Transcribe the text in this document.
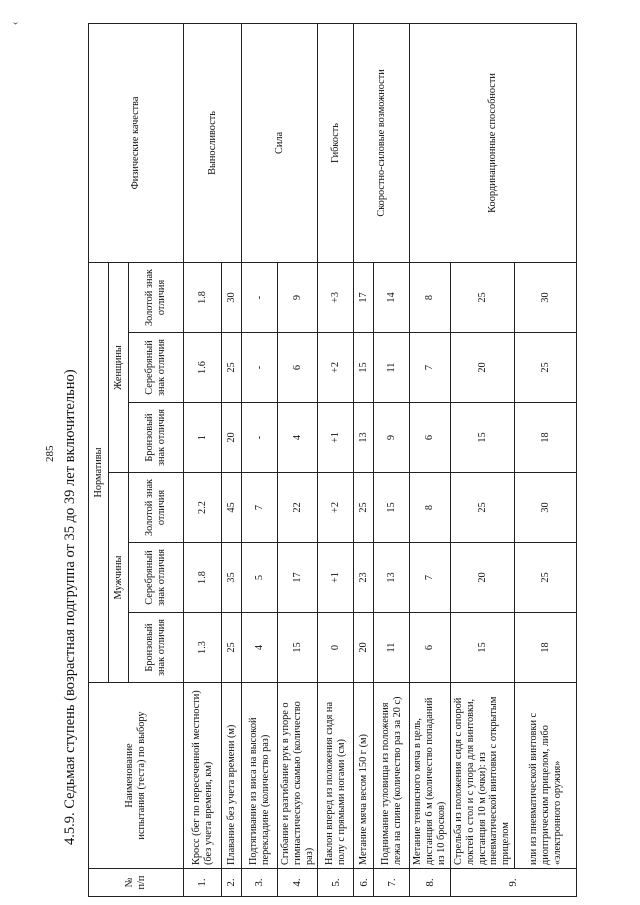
285 4.5.9. Седьмая ступень (возрастная подгруппа от 35 до 39 лет включительно)
№
п/п	Наименование
испытания (теста) по выбору	Нормативы						Физические качества
		Мужчины			Женщины			
		Бронзовый знак отличия	Серебряный знак отличия	Золотой знак отличия	Бронзовый знак отличия	Серебряный знак отличия	Золотой знак отличия	
1.	Кросс (бег по пересеченной местности) (без учета времени, км)	1.3	1.8	2.2	1	1.6	1.8	Выносливость
2.	Плавание без учета времени (м)	25	35	45	20	25	30	
3.	Подтягивание из виса на высокой перекладине (количество раз)	4	5	7	-	-	-	Сила
4.	Сгибание и разгибание рук в упоре о гимнастическую скамью (количество раз)	15	17	22	4	6	9	
5.	Наклон вперед из положения сидя на полу с прямыми ногами (см)	0	+1	+2	+1	+2	+3	Гибкость
6.	Метание мяча весом 150 г (м)	20	23	25	13	15	17	Скоростно-силовые возможности
7.	Поднимание туловища из положения лежа на спине (количество раз за 20 с)	11	13	15	9	11	14	
8.	Метание теннисного мяча в цель, дистанция 6 м (количество попаданий из 10 бросков)	6	7	8	6	7	8	Координационные способности
9.	Стрельба из положения сидя с опорой локтей о стол и с упора для винтовки, дистанция 10 м (очки): из пневматической винтовки с открытым прицелом	15	20	25	15	20	25	
	или из пневматической винтовки с диоптрическим прицелом, либо «электронного оружия»	18	25	30	18	25	30	
‹
